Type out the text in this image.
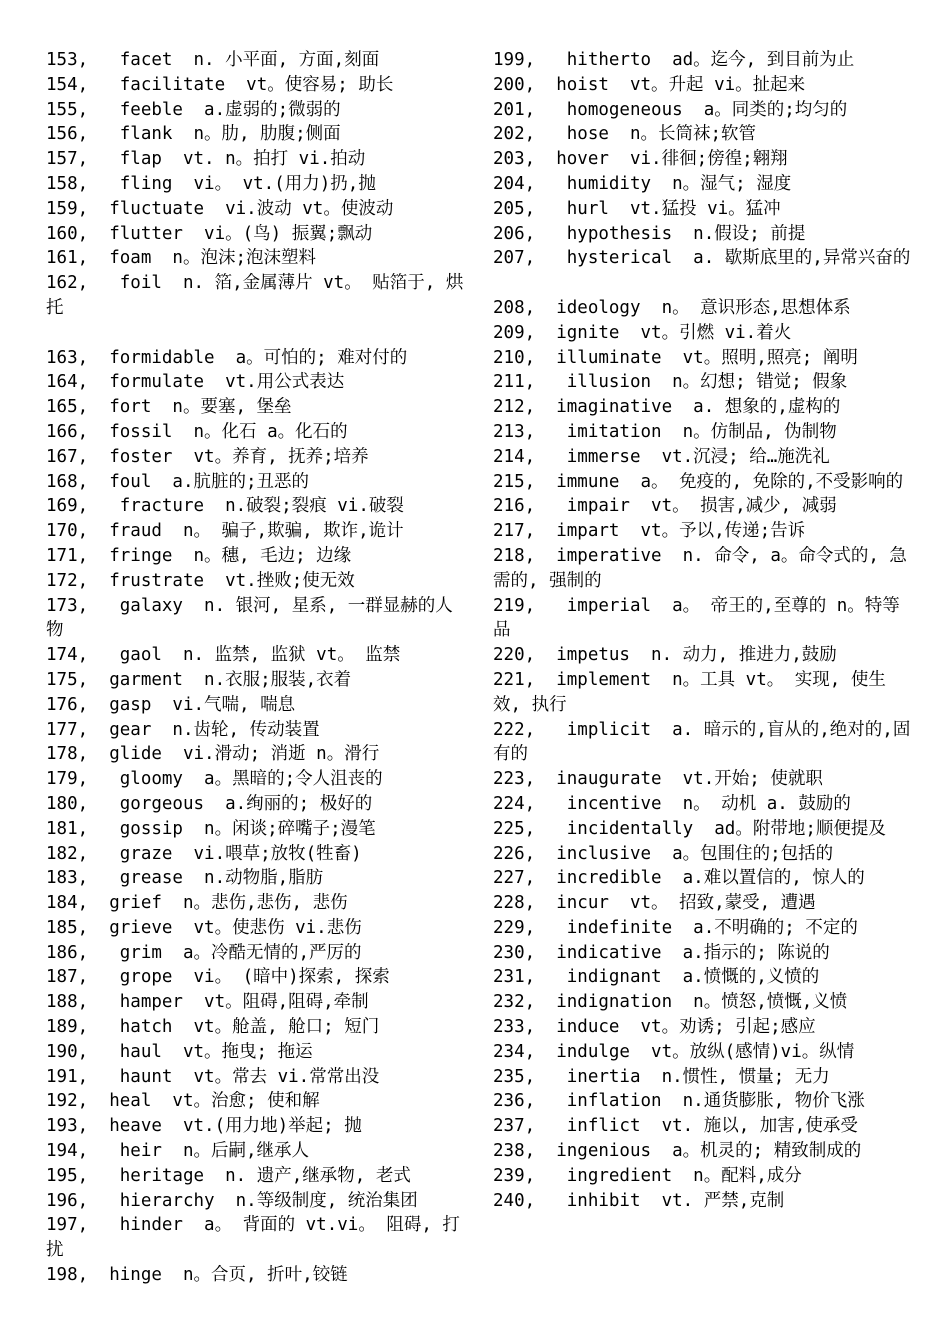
153,   facet  n. 小平面, 方面,刻面
154,   facilitate  vt。使容易; 助长
155,   feeble  a.虚弱的;微弱的
156,   flank  n。肋, 肋腹;侧面
157,   flap  vt. n。拍打 vi.拍动
158,   fling  vi。 vt.(用力)扔,抛
159,  fluctuate  vi.波动 vt。使波动
160,  flutter  vi。(鸟) 振翼;飘动
161,  foam  n。泡沫;泡沫塑料
162,   foil  n. 箔,金属薄片 vt。 贴箔于, 烘托
163,  formidable  a。可怕的; 难对付的
164,  formulate  vt.用公式表达
165,  fort  n。要塞, 堡垒
166,  fossil  n。化石 a。化石的
167,  foster  vt。养育, 抚养;培养
168,  foul  a.肮脏的;丑恶的
169,   fracture  n.破裂;裂痕 vi.破裂
170,  fraud  n。 骗子,欺骗, 欺诈,诡计
171,  fringe  n。穗, 毛边; 边缘
172,  frustrate  vt.挫败;使无效
173,   galaxy  n. 银河, 星系, 一群显赫的人物
174,   gaol  n. 监禁, 监狱 vt。 监禁
175,  garment  n.衣服;服装,衣着
176,  gasp  vi.气喘, 喘息
177,  gear  n.齿轮, 传动装置
178,  glide  vi.滑动; 消逝 n。滑行
179,   gloomy  a。黑暗的;令人沮丧的
180,   gorgeous  a.绚丽的; 极好的
181,   gossip  n。闲谈;碎嘴子;漫笔
182,   graze  vi.喂草;放牧(牲畜)
183,   grease  n.动物脂,脂肪
184,  grief  n。悲伤,悲伤, 悲伤
185,  grieve  vt。使悲伤 vi.悲伤
186,   grim  a。冷酷无情的,严厉的
187,   grope  vi。 (暗中)探索, 探索
188,   hamper  vt。阻碍,阻碍,牵制
189,   hatch  vt。舱盖, 舱口; 短门
190,   haul  vt。拖曳; 拖运
191,   haunt  vt。常去 vi.常常出没
192,  heal  vt。治愈; 使和解
193,  heave  vt.(用力地)举起; 抛
194,   heir  n。后嗣,继承人
195,   heritage  n. 遗产,继承物, 老式
196,   hierarchy  n.等级制度, 统治集团
197,   hinder  a。 背面的 vt.vi。 阻碍, 打扰
198,  hinge  n。合页, 折叶,铰链
199,   hitherto  ad。迄今, 到目前为止
200,  hoist  vt。升起 vi。扯起来
201,   homogeneous  a。同类的;均匀的
202,   hose  n。长筒袜;软管
203,  hover  vi.徘徊;傍徨;翱翔
204,   humidity  n。湿气; 湿度
205,   hurl  vt.猛投 vi。猛冲
206,   hypothesis  n.假设; 前提
207,   hysterical  a. 歇斯底里的,异常兴奋的
208,  ideology  n。 意识形态,思想体系
209,  ignite  vt。引燃 vi.着火
210,  illuminate  vt。照明,照亮; 阐明
211,   illusion  n。幻想; 错觉; 假象
212,  imaginative  a. 想象的,虚构的
213,   imitation  n。仿制品, 伪制物
214,   immerse  vt.沉浸; 给…施洗礼
215,  immune  a。 免疫的, 免除的,不受影响的
216,   impair  vt。 损害,减少, 减弱
217,  impart  vt。予以,传递;告诉
218,  imperative  n. 命令, a。命令式的, 急需的, 强制的
219,   imperial  a。 帝王的,至尊的 n。特等品
220,  impetus  n. 动力, 推进力,鼓励
221,  implement  n。工具 vt。 实现, 使生效, 执行
222,   implicit  a. 暗示的,盲从的,绝对的,固有的
223,  inaugurate  vt.开始; 使就职
224,   incentive  n。 动机 a. 鼓励的
225,   incidentally  ad。附带地;顺便提及
226,  inclusive  a。包围住的;包括的
227,  incredible  a.难以置信的, 惊人的
228,  incur  vt。 招致,蒙受, 遭遇
229,   indefinite  a.不明确的; 不定的
230,  indicative  a.指示的; 陈说的
231,   indignant  a.愤慨的,义愤的
232,  indignation  n。愤怒,愤慨,义愤
233,  induce  vt。劝诱; 引起;感应
234,  indulge  vt。放纵(感情)vi。纵情
235,   inertia  n.惯性, 惯量; 无力
236,   inflation  n.通货膨胀, 物价飞涨
237,   inflict  vt. 施以, 加害,使承受
238,  ingenious  a。机灵的; 精致制成的
239,   ingredient  n。配料,成分
240,   inhibit  vt. 严禁,克制
